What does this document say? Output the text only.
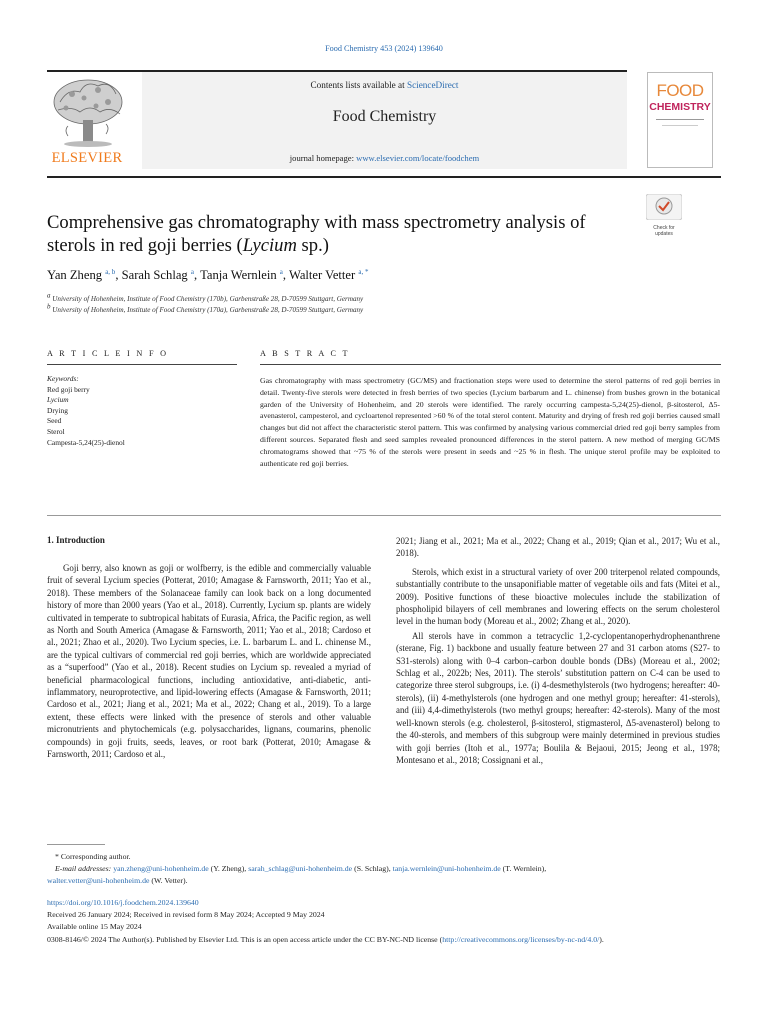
Food Chemistry 453 (2024) 139640
ELSEVIER
Contents lists available at ScienceDirect
Food Chemistry
journal homepage: www.elsevier.com/locate/foodchem
FOOD
CHEMISTRY
Comprehensive gas chromatography with mass spectrometry analysis of sterols in red goji berries (Lycium sp.)
Check for updates
Yan Zheng $^{a, b}$, Sarah Schlag $^a$, Tanja Wernlein $^a$, Walter Vetter $^{a, *}$
$^a$ University of Hohenheim, Institute of Food Chemistry (170b), Garbenstraße 28, D-70599 Stuttgart, Germany
$^b$ University of Hohenheim, Institute of Food Chemistry (170a), Garbenstraße 28, D-70599 Stuttgart, Germany
A R T I C L E I N F O	A B S T R A C T
Keywords:
Red goji berry
Lycium
Drying
Seed
Sterol
Campesta-5,24(25)-dienol
Gas chromatography with mass spectrometry (GC/MS) and fractionation steps were used to determine the sterol patterns of red goji berries in detail. Twenty-five sterols were detected in fresh berries of two species (Lycium barbarum and L. chinense) from bushes grown in the botanical garden of the University of Hohenheim, and 20 sterols were identified. The rarely occurring campesta-5,24(25)-dienol, β-sitosterol, Δ5-avenasterol, campesterol, and cycloartenol represented >60 % of the total sterol content. Maturity and drying of fresh red goji berries caused small changes but did not affect the characteristic sterol pattern. This was confirmed by analysing various commercial dried red goji berry samples from different sources. Separated flesh and seed samples revealed pronounced differences in the sterol pattern. A new method of merging GC/MS chromatograms showed that ~75 % of the sterols were present in seeds and ~25 % in flesh. The unique sterol profile may be exploited to authenticate red goji berries.
1. Introduction

Goji berry, also known as goji or wolfberry, is the edible and commercially valuable fruit of several Lycium species (Potterat, 2010; Amagase & Farnsworth, 2011; Yao et al., 2018). These members of the Solanaceae family can look back on a long documented history of more than 2000 years (Yao et al., 2018). Currently, Lycium sp. plants are widely cultivated in temperate to subtropical habitats of Eurasia, Africa, the Pacific region, as well as North and South America (Amagase & Farnsworth, 2011; Yao et al., 2018; Cardoso et al., 2021; Zhao et al., 2020). Two Lycium species, i.e. L. barbarum L. and L. chinense M., are the typical cultivars of commercial red goji berries, which are worldwide appreciated as a “superfood” (Yao et al., 2018). Recent studies on Lycium sp. revealed a myriad of beneficial pharmacological functions, including antioxidative, anti-diabetic, anti-inflammatory, neuroprotective, and lipid-lowering effects (Amagase & Farnsworth, 2011; Cardoso et al., 2021; Jiang et al., 2021; Ma et al., 2022; Chang et al., 2019). To a large extent, these effects were linked with the presence of sterols and other valuable micronutrients and phytochemicals (e.g. polysaccharides, lignans, coumarins, phenolic compounds) in goji fruits, seeds, leaves, or root bark (Potterat, 2010; Amagase & Farnsworth, 2011; Cardoso et al.,

2021; Jiang et al., 2021; Ma et al., 2022; Chang et al., 2019; Qian et al., 2017; Wu et al., 2018).

Sterols, which exist in a structural variety of over 200 triterpenol related compounds, substantially contribute to the unsaponifiable matter of vegetable oils and fats (Mitei et al., 2009). Positive functions of these bioactive molecules include the stabilization of phospholipid bilayers of cell membranes and lowering effects on the serum cholesterol level in the human body (Moreau et al., 2002; Zhang et al., 2020).

All sterols have in common a tetracyclic 1,2-cyclopentanoperhydrophenanthrene (sterane, Fig. 1) backbone and usually feature between 27 and 31 carbon atoms (S27- to S31-sterols) along with 0–4 carbon–carbon double bonds (DBs) (Moreau et al., 2002; Schlag et al., 2022b; Nes, 2011). The sterols’ substitution pattern on C-4 can be used to categorize three sterol subgroups, i.e. (i) 4-desmethylsterols (two hydrogens; hereafter: 40-sterols), (ii) 4-methylsterols (one hydrogen and one methyl group; hereafter: 41-sterols), and (iii) 4,4-dimethylsterols (two methyl groups; hereafter: 42-sterols). Many of the most well-known sterols (e.g. cholesterol, β-sitosterol, stigmasterol, Δ5-avenasterol) belong to the 40-sterols, and members of this subgroup were mainly determined in previous studies with goji berries (Itoh et al., 1977a; Boulila & Bejaoui, 2015; Jeong et al., 1978; Montesano et al., 2018; Cossignani et al.,

* Corresponding author.
E-mail addresses: yan.zheng@uni-hohenheim.de (Y. Zheng), sarah_schlag@uni-hohenheim.de (S. Schlag), tanja.wernlein@uni-hohenheim.de (T. Wernlein),
walter.vetter@uni-hohenheim.de (W. Vetter).
https://doi.org/10.1016/j.foodchem.2024.139640
Received 26 January 2024; Received in revised form 8 May 2024; Accepted 9 May 2024
Available online 15 May 2024
0308-8146/© 2024 The Author(s). Published by Elsevier Ltd. This is an open access article under the CC BY-NC-ND license (http://creativecommons.org/licenses/by-nc-nd/4.0/).
